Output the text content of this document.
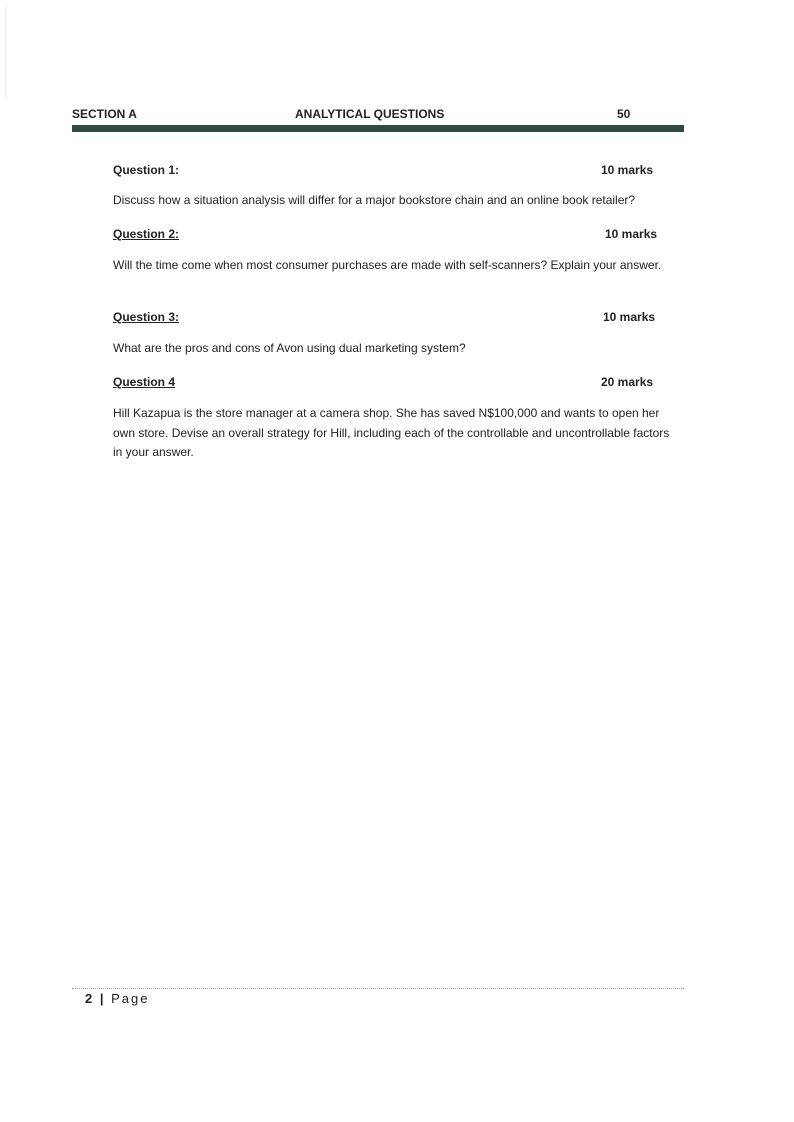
SECTION A	ANALYTICAL QUESTIONS	50
Question 1:	10 marks
Discuss how a situation analysis will differ for a major bookstore chain and an online book retailer?
Question 2:	10 marks
Will the time come when most consumer purchases are made with self-scanners? Explain your answer.
Question 3:	10 marks
What are the pros and cons of Avon using dual marketing system?
Question 4	20 marks
Hill Kazapua is the store manager at a camera shop. She has saved N$100,000 and wants to open her own store. Devise an overall strategy for Hill, including each of the controllable and uncontrollable factors in your answer.
2 | Page
